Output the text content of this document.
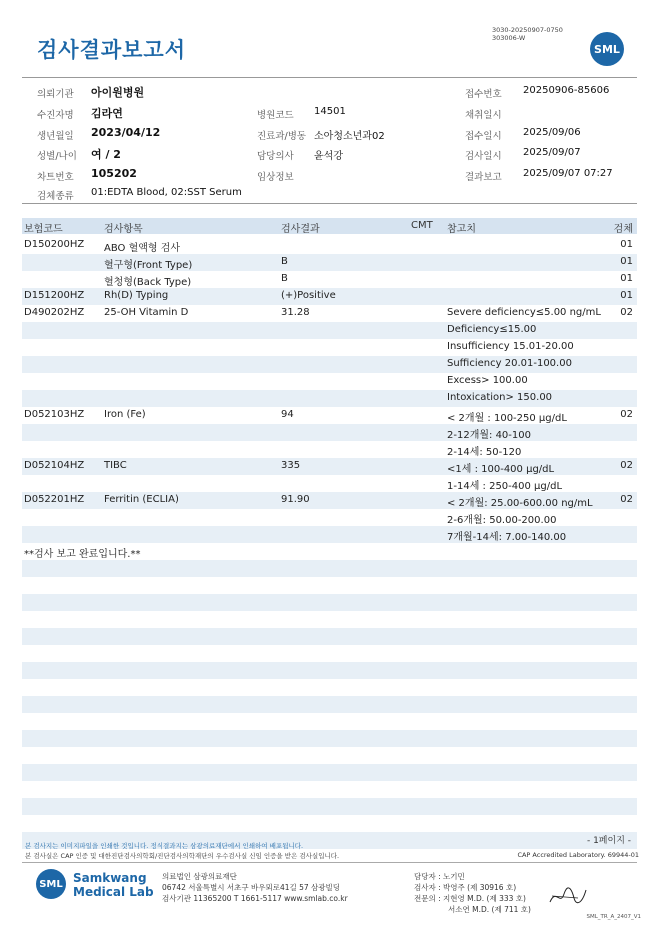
검사결과보고서
3030-20250907-0750
303006-W
SML
의뢰기관 아이원병원	접수번호 20250906-85606
수진자명 김라연	병원코드 14501	채취일시
생년월일 2023/04/12	진료과/병동 소아청소년과02	접수일시 2025/09/06
성별/나이 여 / 2	담당의사 윤석강	검사일시 2025/09/07
차트번호 105202	임상정보	결과보고 2025/09/07 07:27
검체종류 01:EDTA Blood, 02:SST Serum
보험코드	검사항목	검사결과	CMT 참고치	검체
D150200HZ ABO 혈액형 검사	01
혈구형(Front Type)	B	01
혈청형(Back Type)	B	01
D151200HZ Rh(D) Typing	(+)Positive	01
D490202HZ 25-OH Vitamin D	31.28	Severe deficiency≤5.00 ng/mL 02
Deficiency≤15.00
Insufficiency 15.01-20.00
Sufficiency 20.01-100.00
Excess> 100.00
Intoxication> 150.00
D052103HZ Iron (Fe)	94	< 2개월 : 100-250 µg/dL	02
2-12개월: 40-100
2-14세: 50-120
D052104HZ TIBC	335	<1세 : 100-400 µg/dL	02
1-14세 : 250-400 µg/dL
D052201HZ Ferritin (ECLIA)	91.90	< 2개월: 25.00-600.00 ng/mL	02
2-6개월: 50.00-200.00
7개월-14세: 7.00-140.00
**검사 보고 완료입니다.**
본 검사지는 이미지파일을 인쇄한 것입니다. 정식결과지는 삼광의료재단에서 인쇄하여 배포됩니다.
본 검사실은 CAP 인증 및 대한진단검사의학회/진단검사의학재단의 우수검사실 신임 인증을 받은 검사실입니다.
- 1페이지 -
CAP Accredited Laboratory. 69944-01
SML Samkwang
Medical Lab
의료법인 삼광의료재단
06742 서울특별시 서초구 바우뫼로41길 57 삼광빌딩
검사기관 11365200 T 1661-5117 www.smlab.co.kr
담당자 : 노기민
검사자 : 박영주 (제 30916 호)
전문의 : 지현영 M.D. (제 333 호)
서소연 M.D. (제 711 호)
SML_TR_A_2407_V1
